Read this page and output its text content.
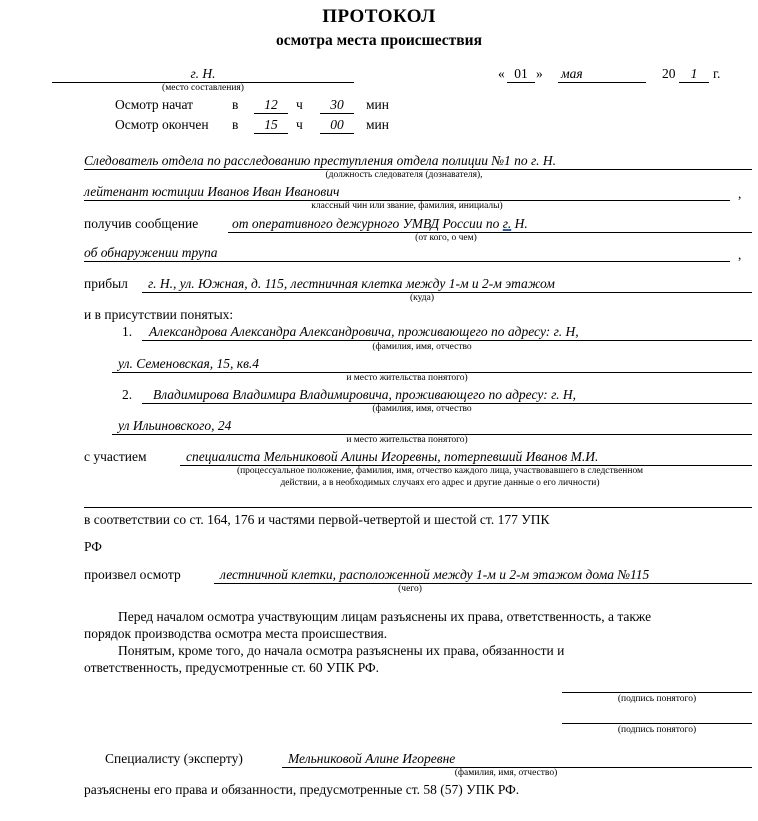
ПРОТОКОЛ
осмотра места происшествия
г. Н.
(место составления)
« 01 » мая	20	1	г.
Осмотр начат	в	12	ч	30	мин
Осмотр окончен в	15	ч	00	мин
Следователь отдела по расследованию преступления отдела полиции №1 по г. Н.
(должность следователя (дознавателя),
лейтенант юстиции Иванов Иван Иванович	,
классный чин или звание, фамилия, инициалы)
получив сообщение	от оперативного дежурного УМВД России по г. Н.
(от кого, о чем)
об обнаружении трупа	,
прибыл г. Н., ул. Южная, д. 115, лестничная клетка между 1-м и 2-м этажом
(куда)
и в присутствии понятых:
1. Александрова Александра Александровича, проживающего по адресу: г. Н,
(фамилия, имя, отчество
ул. Семеновская, 15, кв.4
и место жительства понятого)
2. Владимирова Владимира Владимировича, проживающего по адресу: г. Н,
(фамилия, имя, отчество
ул Ильиновского, 24
и место жительства понятого)
с участием	специалиста Мельниковой Алины Игоревны, потерпевший Иванов М.И.
(процессуальное положение, фамилия, имя, отчество каждого лица, участвовавшего в следственном
действии, а в необходимых случаях его адрес и другие данные о его личности)
в соответствии со ст. 164, 176 и частями первой-четвертой и шестой ст. 177 УПК
РФ
произвел осмотр	лестничной клетки, расположенной между 1-м и 2-м этажом дома №115
(чего)
Перед началом осмотра участвующим лицам разъяснены их права, ответственность, а также
порядок производства осмотра места происшествия.
Понятым, кроме того, до начала осмотра разъяснены их права, обязанности и
ответственность, предусмотренные ст. 60 УПК РФ.
(подпись понятого)
(подпись понятого)
Специалисту (эксперту)	Мельниковой Алине Игоревне
(фамилия, имя, отчество)
разъяснены его права и обязанности, предусмотренные ст. 58 (57) УПК РФ.
